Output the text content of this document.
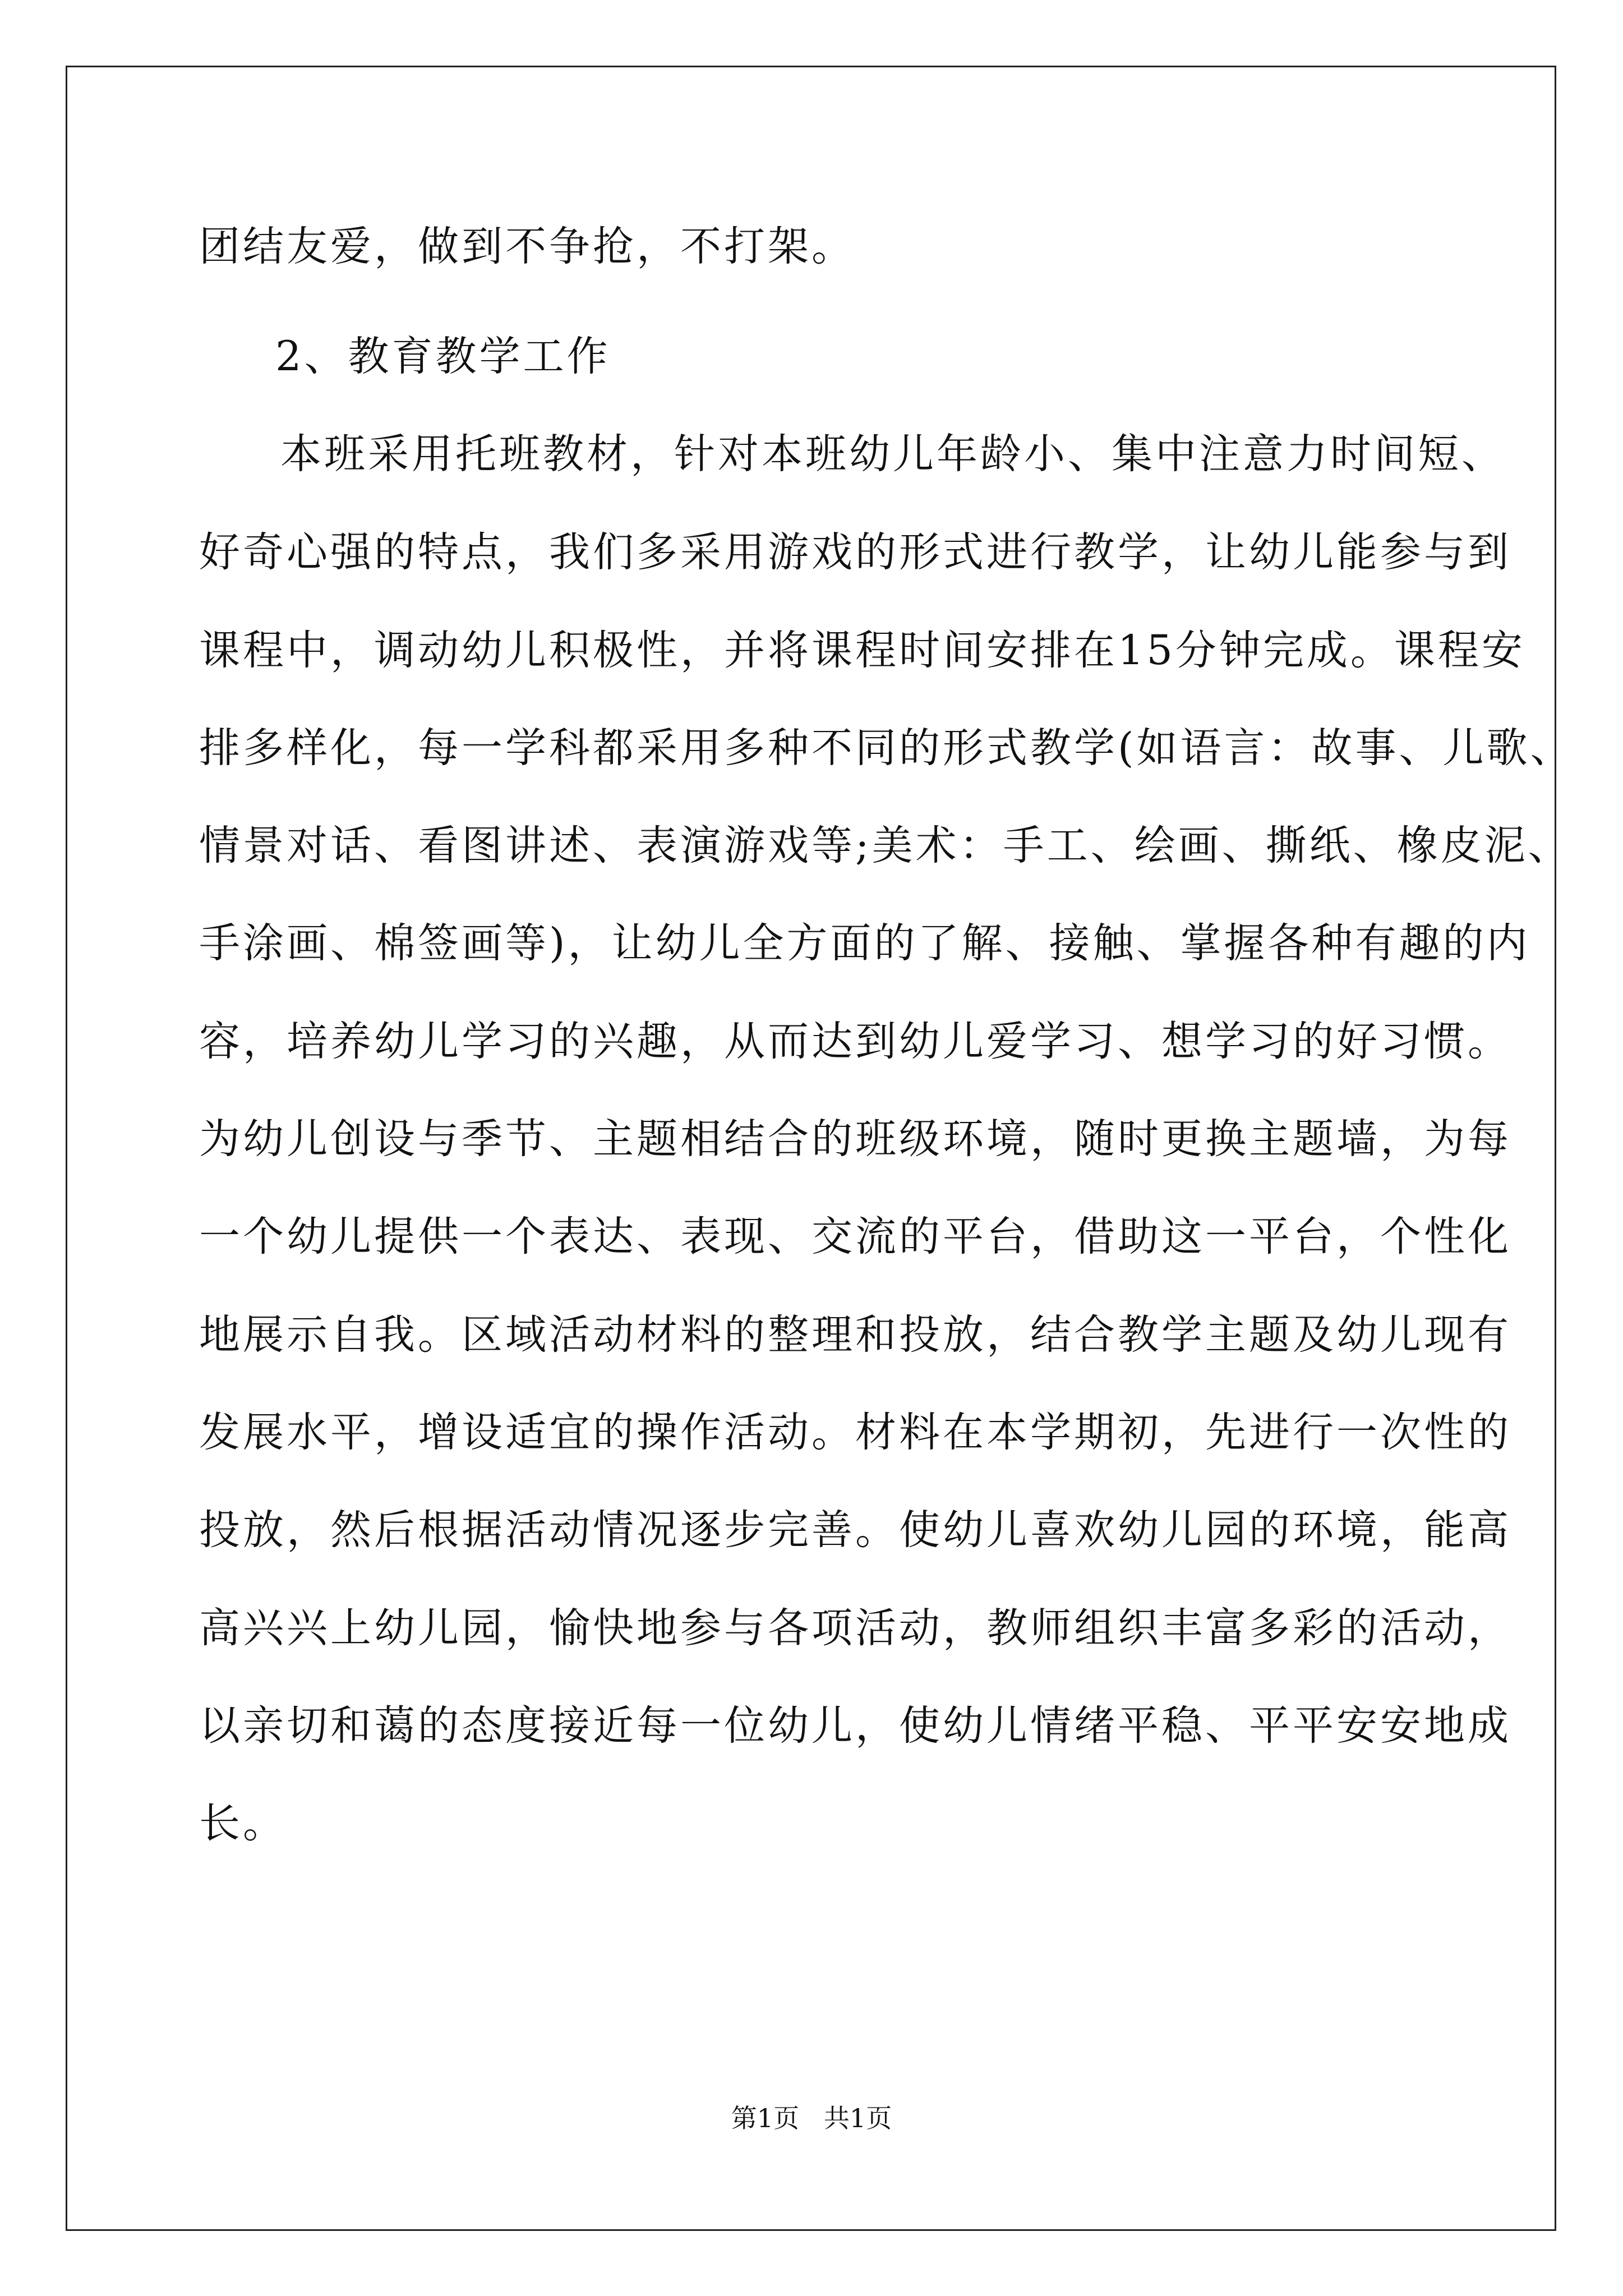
团结友爱，做到不争抢，不打架。
2、教育教学工作
本班采用托班教材，针对本班幼儿年龄小、集中注意力时间短、
好奇心强的特点，我们多采用游戏的形式进行教学，让幼儿能参与到
课程中，调动幼儿积极性，并将课程时间安排在15分钟完成。课程安
排多样化，每一学科都采用多种不同的形式教学(如语言：故事、儿歌、
情景对话、看图讲述、表演游戏等;美术：手工、绘画、撕纸、橡皮泥、
手涂画、棉签画等)，让幼儿全方面的了解、接触、掌握各种有趣的内
容，培养幼儿学习的兴趣，从而达到幼儿爱学习、想学习的好习惯。
为幼儿创设与季节、主题相结合的班级环境，随时更换主题墙，为每
一个幼儿提供一个表达、表现、交流的平台，借助这一平台，个性化
地展示自我。区域活动材料的整理和投放，结合教学主题及幼儿现有
发展水平，增设适宜的操作活动。材料在本学期初，先进行一次性的
投放，然后根据活动情况逐步完善。使幼儿喜欢幼儿园的环境，能高
高兴兴上幼儿园，愉快地参与各项活动，教师组织丰富多彩的活动，
以亲切和蔼的态度接近每一位幼儿，使幼儿情绪平稳、平平安安地成
长。
第1页   共1页
